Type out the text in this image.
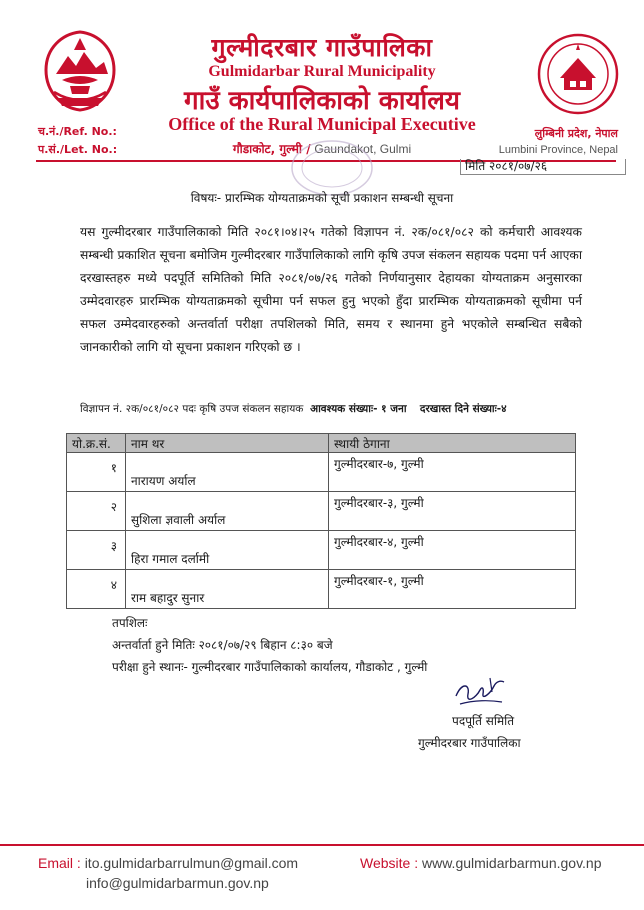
गुल्मीदरबार गाउँपालिका
Gulmidarbar Rural Municipality
गाउँ कार्यपालिकाको कार्यालय
Office of the Rural Municipal Executive
गौडाकोट, गुल्मी / Gaundakot, Gulmi
च.नं./Ref. No.:
प.सं./Let. No.:
लुम्बिनी प्रदेश, नेपाल
Lumbini Province, Nepal
मिति २०८१/०७/२६
विषयः- प्रारम्भिक योग्यताक्रमको सूची प्रकाशन सम्बन्धी सूचना
यस गुल्मीदरबार गाउँपालिकाको मिति २०८१।०४।२५ गतेको विज्ञापन नं. २क/०८१/०८२ को कर्मचारी आवश्यक सम्बन्धी प्रकाशित सूचना बमोजिम गुल्मीदरबार गाउँपालिकाको लागि कृषि उपज संकलन सहायक पदमा पर्न आएका दरखास्तहरु मध्ये पदपूर्ति समितिको मिति २०८१/०७/२६ गतेको निर्णयानुसार देहायका योग्यताक्रम अनुसारका उम्मेदवारहरु प्रारम्भिक योग्यताक्रमको सूचीमा पर्न सफल हुनु भएको हुँदा प्रारम्भिक योग्यताक्रमको सूचीमा पर्न सफल उम्मेदवारहरुको अन्तर्वार्ता परीक्षा तपशिलको मिति, समय र स्थानमा हुने भएकोले सम्बन्धित सबैको जानकारीको लागि यो सूचना प्रकाशन गरिएको छ ।
विज्ञापन नं. २क/०८१/०८२ पदः कृषि उपज संकलन सहायक आवश्यक संख्याः- १ जना दरखास्त दिने संख्याः-४
यो.क्र.सं.	नाम थर	स्थायी ठेगाना
१	नारायण अर्याल	गुल्मीदरबार-७, गुल्मी
२	सुशिला ज्ञवाली अर्याल	गुल्मीदरबार-३, गुल्मी
३	हिरा गमाल दर्लामी	गुल्मीदरबार-४, गुल्मी
४	राम बहादुर सुनार	गुल्मीदरबार-१, गुल्मी
तपशिलः
अन्तर्वार्ता हुने मितिः २०८१/०७/२९ बिहान ८:३० बजे
परीक्षा हुने स्थानः- गुल्मीदरबार गाउँपालिकाको कार्यालय, गौडाकोट , गुल्मी
पदपूर्ति समिति
गुल्मीदरबार गाउँपालिका
Email : ito.gulmidarbarrulmun@gmail.com
info@gulmidarbarmun.gov.np
Website : www.gulmidarbarmun.gov.np
